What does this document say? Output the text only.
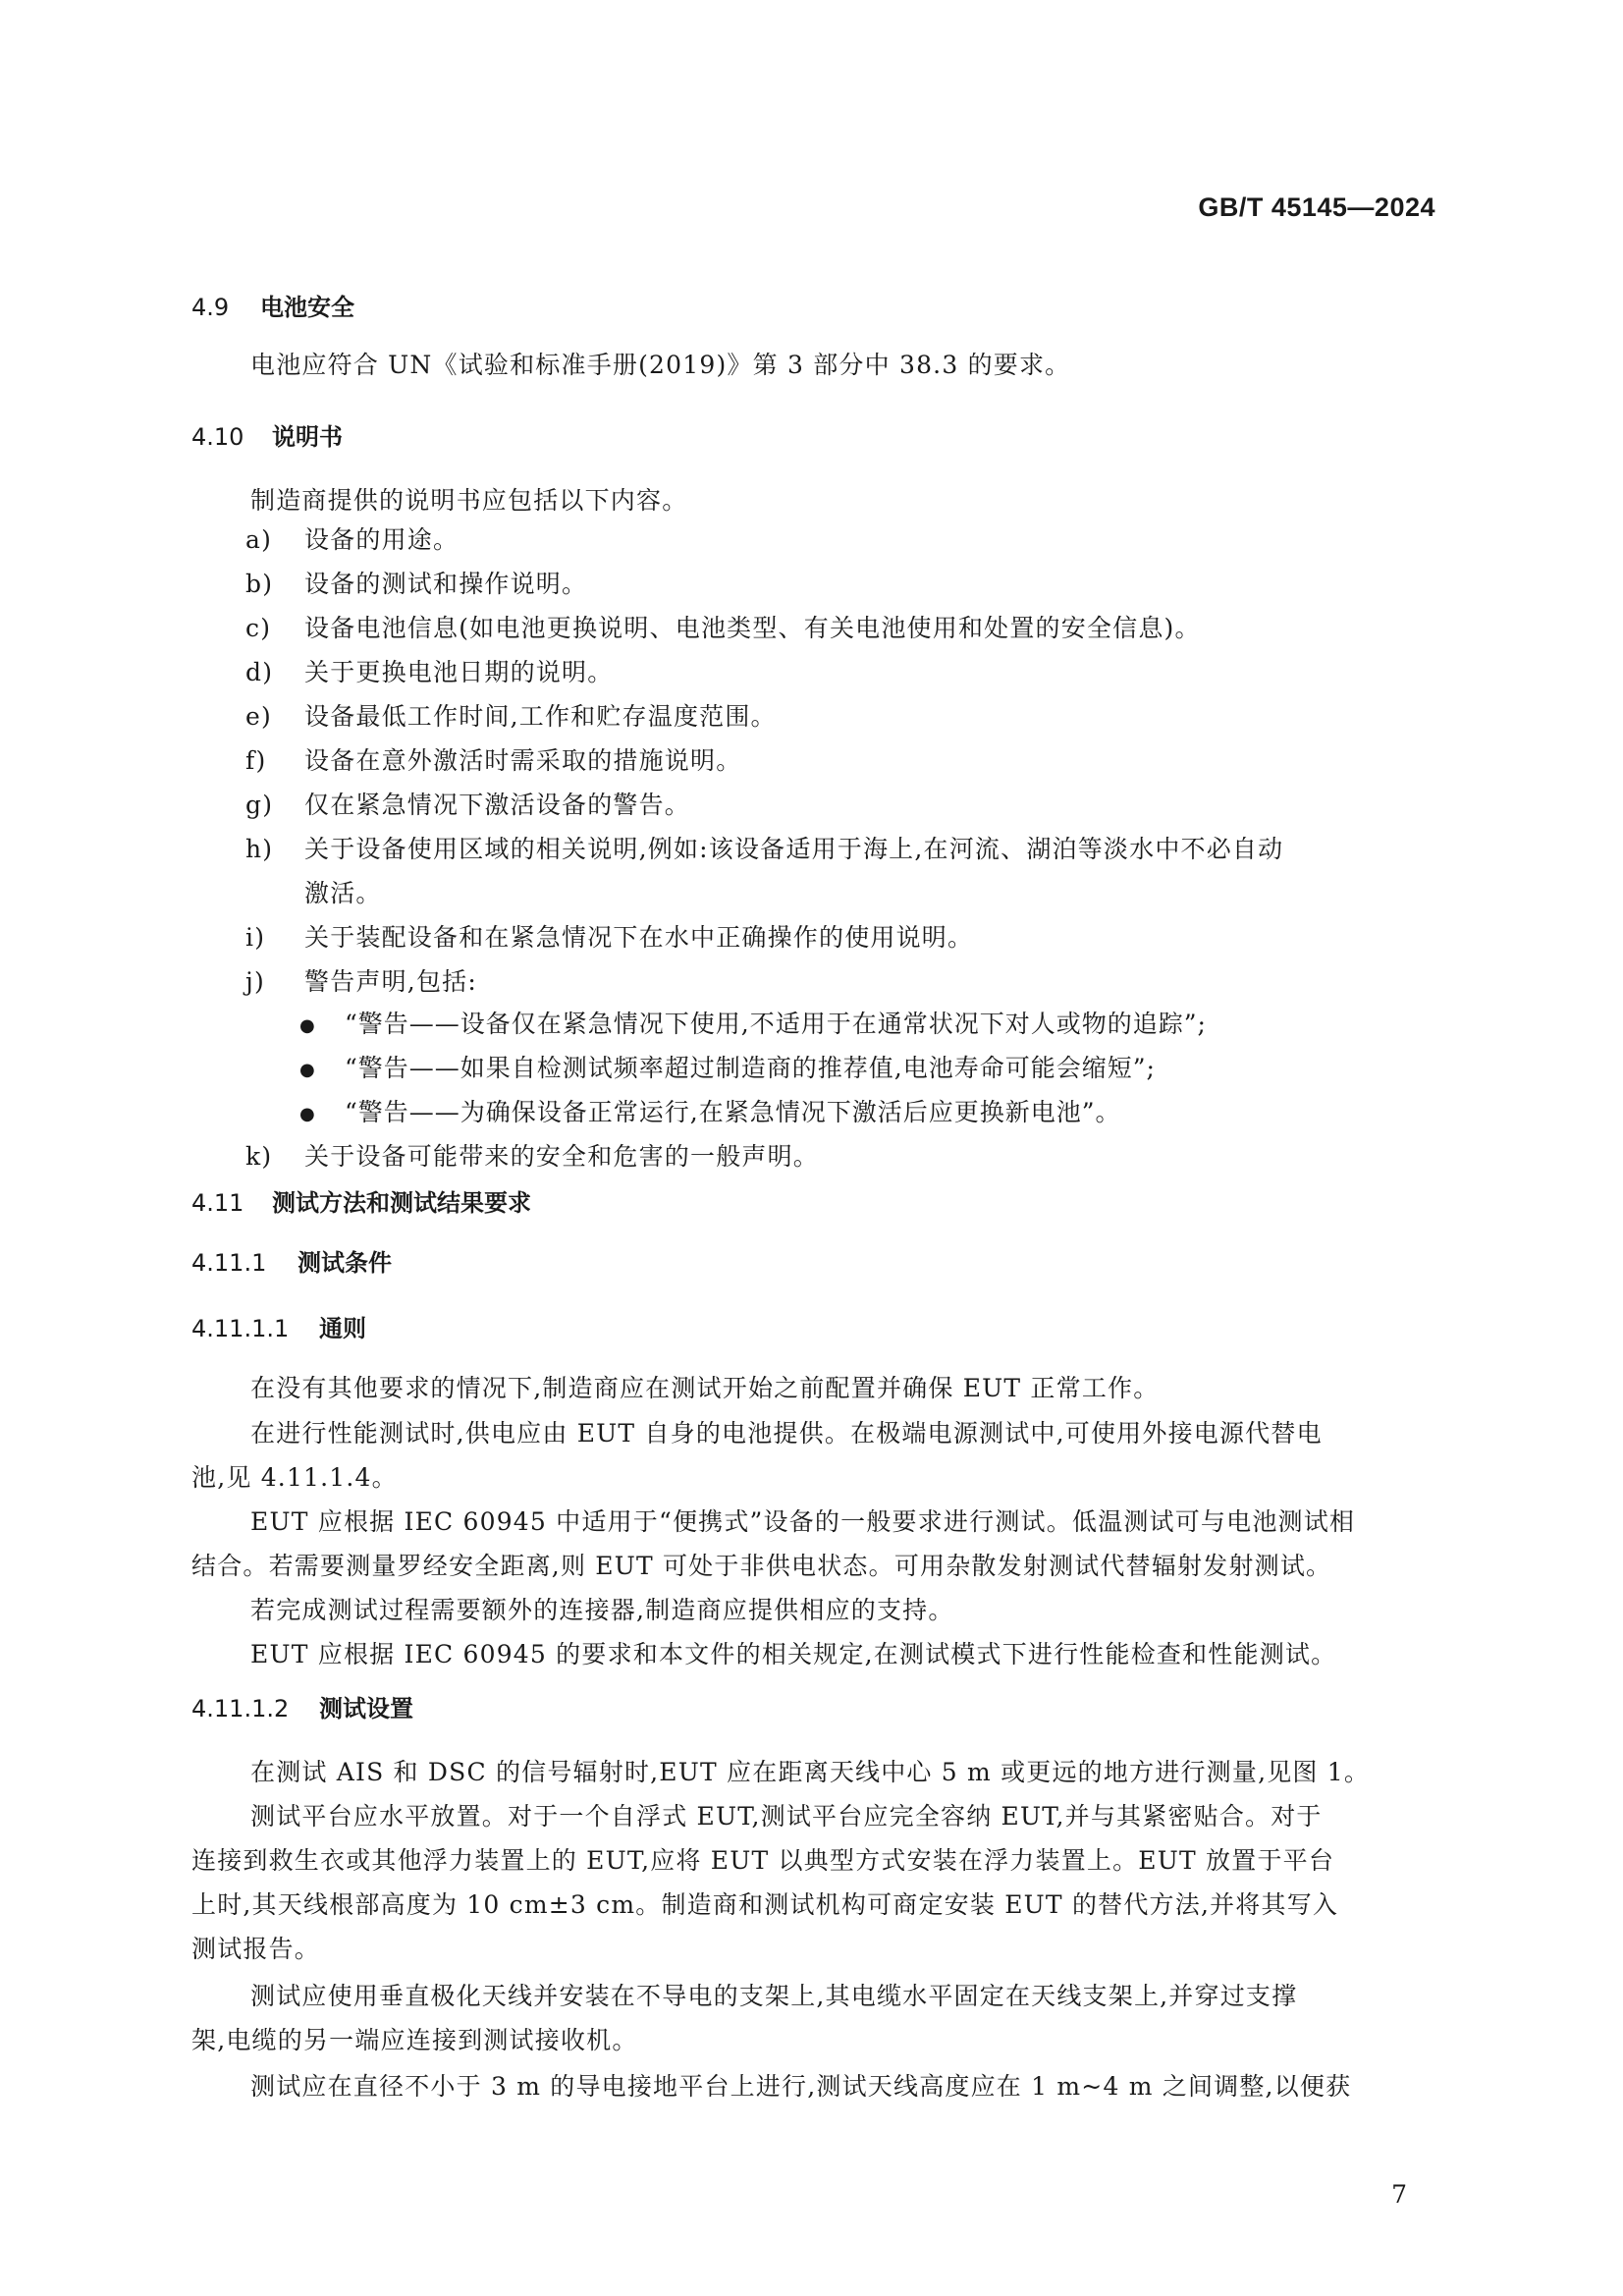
GB/T 45145—2024
4.9 电池安全
电池应符合 UN《试验和标准手册(2019)》第 3 部分中 38.3 的要求。
4.10 说明书
制造商提供的说明书应包括以下内容。
a) 设备的用途。
b) 设备的测试和操作说明。
c) 设备电池信息(如电池更换说明、电池类型、有关电池使用和处置的安全信息)。
d) 关于更换电池日期的说明。
e) 设备最低工作时间,工作和贮存温度范围。
f) 设备在意外激活时需采取的措施说明。
g) 仅在紧急情况下激活设备的警告。
h) 关于设备使用区域的相关说明,例如:该设备适用于海上,在河流、湖泊等淡水中不必自动
激活。
i) 关于装配设备和在紧急情况下在水中正确操作的使用说明。
j) 警告声明,包括:
● “警告——设备仅在紧急情况下使用,不适用于在通常状况下对人或物的追踪”;
● “警告——如果自检测试频率超过制造商的推荐值,电池寿命可能会缩短”;
● “警告——为确保设备正常运行,在紧急情况下激活后应更换新电池”。
k) 关于设备可能带来的安全和危害的一般声明。
4.11 测试方法和测试结果要求
4.11.1 测试条件
4.11.1.1 通则
在没有其他要求的情况下,制造商应在测试开始之前配置并确保 EUT 正常工作。
在进行性能测试时,供电应由 EUT 自身的电池提供。在极端电源测试中,可使用外接电源代替电
池,见 4.11.1.4。
EUT 应根据 IEC 60945 中适用于“便携式”设备的一般要求进行测试。低温测试可与电池测试相
结合。若需要测量罗经安全距离,则 EUT 可处于非供电状态。可用杂散发射测试代替辐射发射测试。
若完成测试过程需要额外的连接器,制造商应提供相应的支持。
EUT 应根据 IEC 60945 的要求和本文件的相关规定,在测试模式下进行性能检查和性能测试。
4.11.1.2 测试设置
在测试 AIS 和 DSC 的信号辐射时,EUT 应在距离天线中心 5 m 或更远的地方进行测量,见图 1。
测试平台应水平放置。对于一个自浮式 EUT,测试平台应完全容纳 EUT,并与其紧密贴合。对于
连接到救生衣或其他浮力装置上的 EUT,应将 EUT 以典型方式安装在浮力装置上。EUT 放置于平台
上时,其天线根部高度为 10 cm±3 cm。制造商和测试机构可商定安装 EUT 的替代方法,并将其写入
测试报告。
测试应使用垂直极化天线并安装在不导电的支架上,其电缆水平固定在天线支架上,并穿过支撑
架,电缆的另一端应连接到测试接收机。
测试应在直径不小于 3 m 的导电接地平台上进行,测试天线高度应在 1 m~4 m 之间调整,以便获
7
